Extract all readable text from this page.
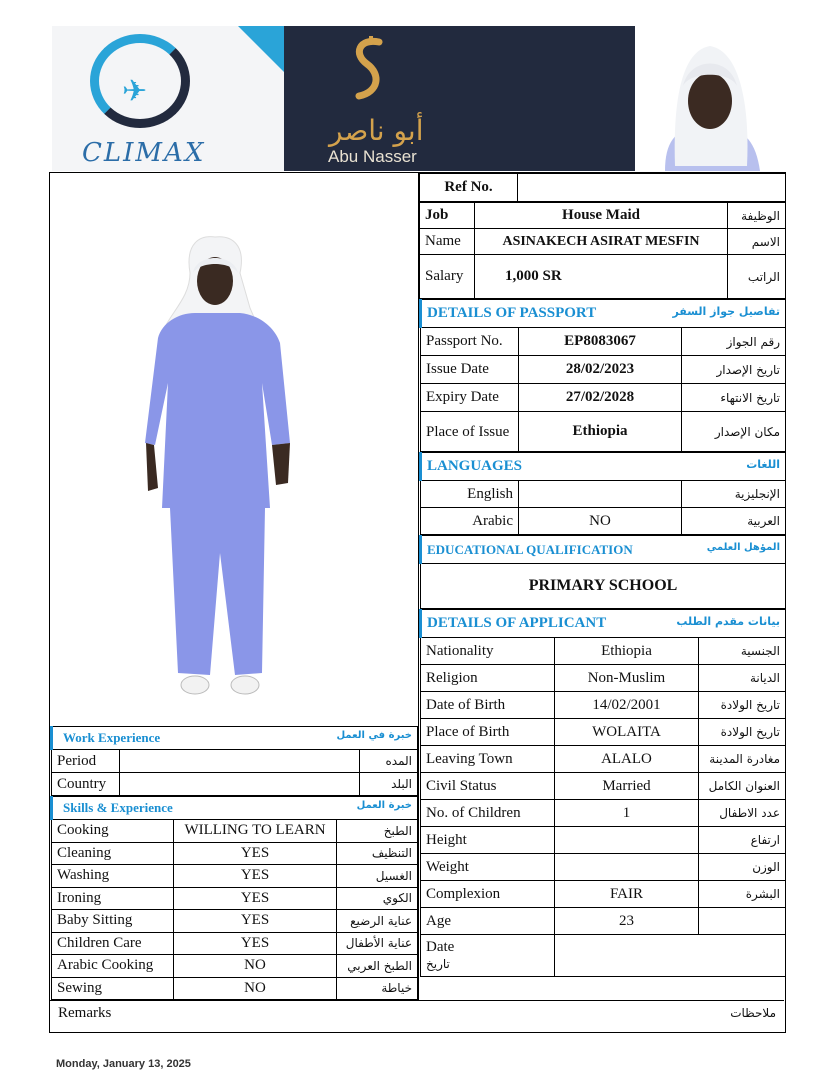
✈
CLIMAX
أبو ناصر
Abu Nasser
Ref No.	
Job	House Maid	الوظيفة
Name	ASINAKECH ASIRAT MESFIN	الاسم
Salary	1,000 SR	الراتب
DETAILS OF PASSPORT تفاصيل جواز السفر		

Passport No.	EP8083067	رقم الجواز
Issue Date	28/02/2023	تاريخ الإصدار
Expiry Date	27/02/2028	تاريخ الانتهاء
Place of Issue	Ethiopia	مكان الإصدار
LANGUAGES اللغات		

English		الإنجليزية
Arabic	NO	العربية
EDUCATIONAL QUALIFICATION	المؤهل العلمي

PRIMARY SCHOOL
DETAILS OF APPLICANT بيانات مقدم الطلب		

Nationality	Ethiopia	الجنسية
Religion	Non-Muslim	الديانة
Date of Birth	14/02/2001	تاريخ الولادة
Place of Birth	WOLAITA	تاريخ الولادة
Leaving Town	ALALO	مغادرة المدينة
Civil Status	Married	العنوان الكامل
No. of Children	1	عدد الاطفال
Height		ارتفاع
Weight		الوزن
Complexion	FAIR	البشرة
Age	23	

Date
تاريخ		

Work Experience خبرة في العمل		

Period		المده
Country		البلد
Skills & Experience خبرة العمل		

Cooking	WILLING TO LEARN	الطبخ
Cleaning	YES	التنظيف
Washing	YES	الغسيل
Ironing	YES	الكوي
Baby Sitting	YES	عناية الرضيع
Children Care	YES	عناية الأطفال
Arabic Cooking	NO	الطبخ العربي
Sewing	NO	خياطة
Remarks	ملاحظات
Monday, January 13, 2025
